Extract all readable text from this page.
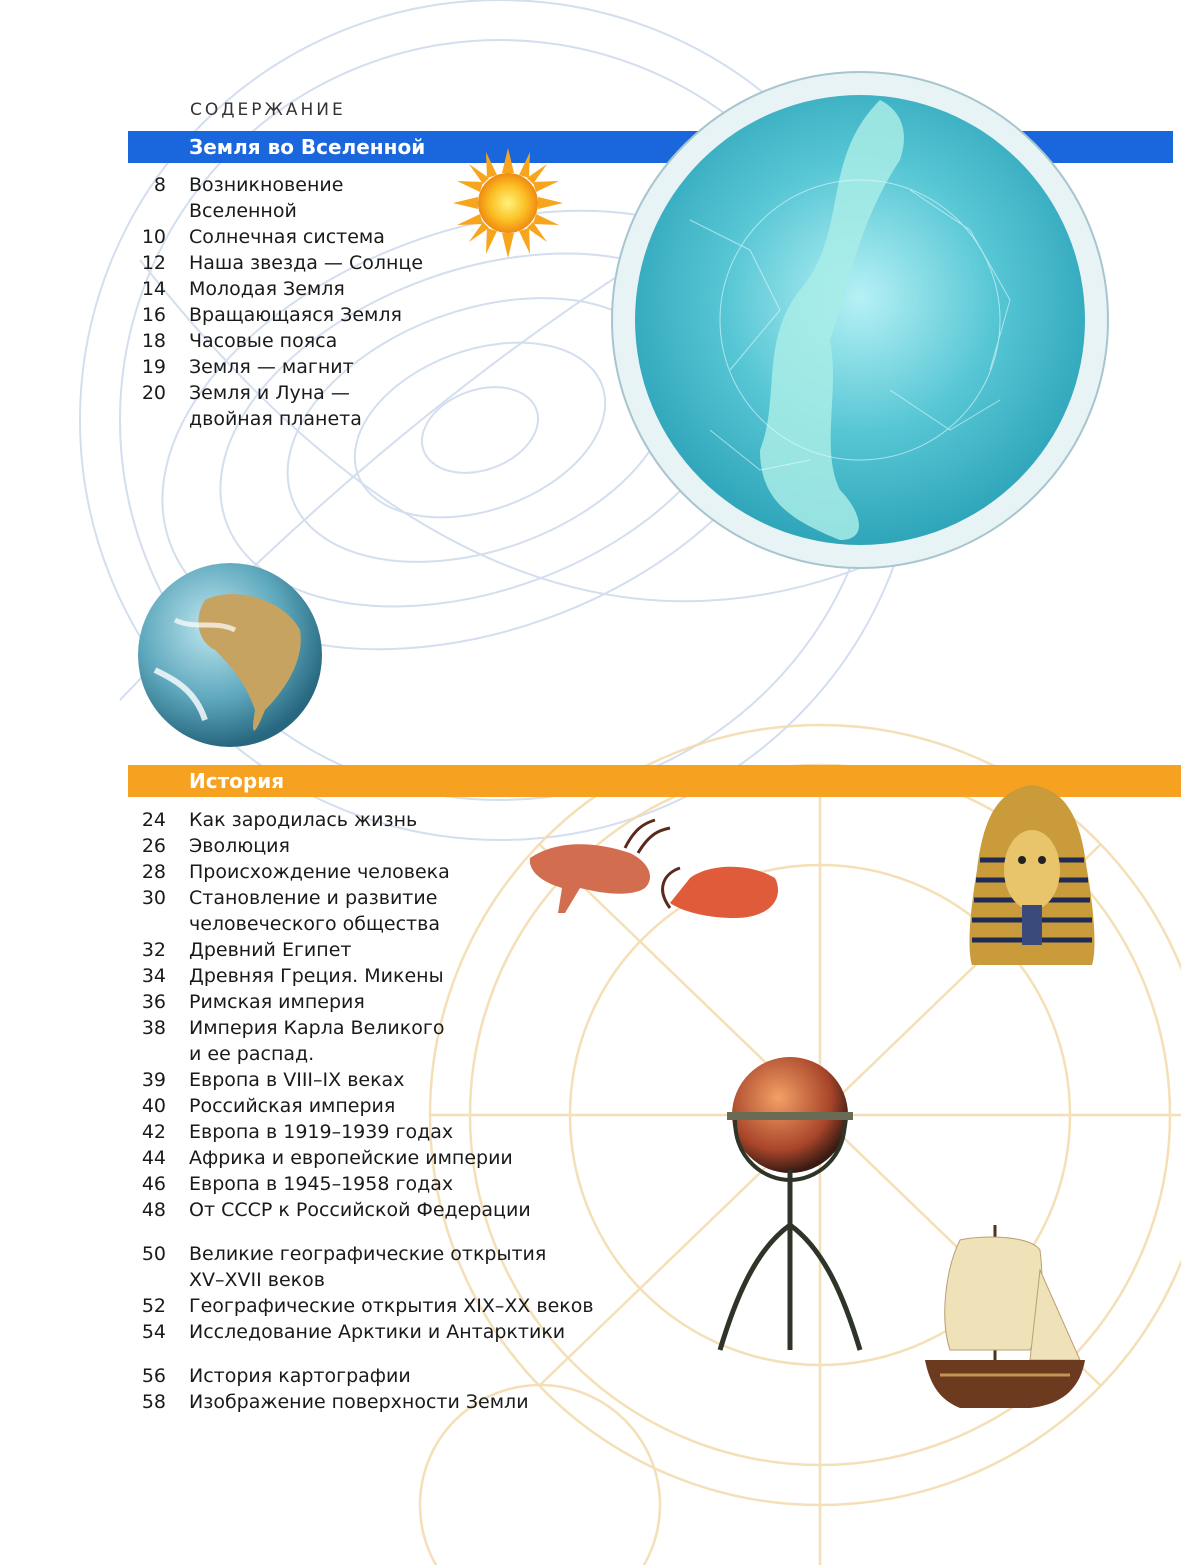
СОДЕРЖАНИЕ
Земля во Вселенной
История
8 Возникновение
Вселенной
10 Солнечная система
12 Наша звезда — Солнце
14 Молодая Земля
16 Вращающаяся Земля
18 Часовые пояса
19 Земля — магнит
20 Земля и Луна —
двойная планета
24 Как зародилась жизнь
26 Эволюция
28 Происхождение человека
30 Становление и развитие
человеческого общества
32 Древний Египет
34 Древняя Греция. Микены
36 Римская империя
38 Империя Карла Великого
и ее распад.
39 Европа в VIII–IX веках
40 Российская империя
42 Европа в 1919–1939 годах
44 Африка и европейские империи
46 Европа в 1945–1958 годах
48 От СССР к Российской Федерации
50 Великие географические открытия
XV–XVII веков
52 Географические открытия XIX–XX веков
54 Исследование Арктики и Антарктики
56 История картографии
58 Изображение поверхности Земли
